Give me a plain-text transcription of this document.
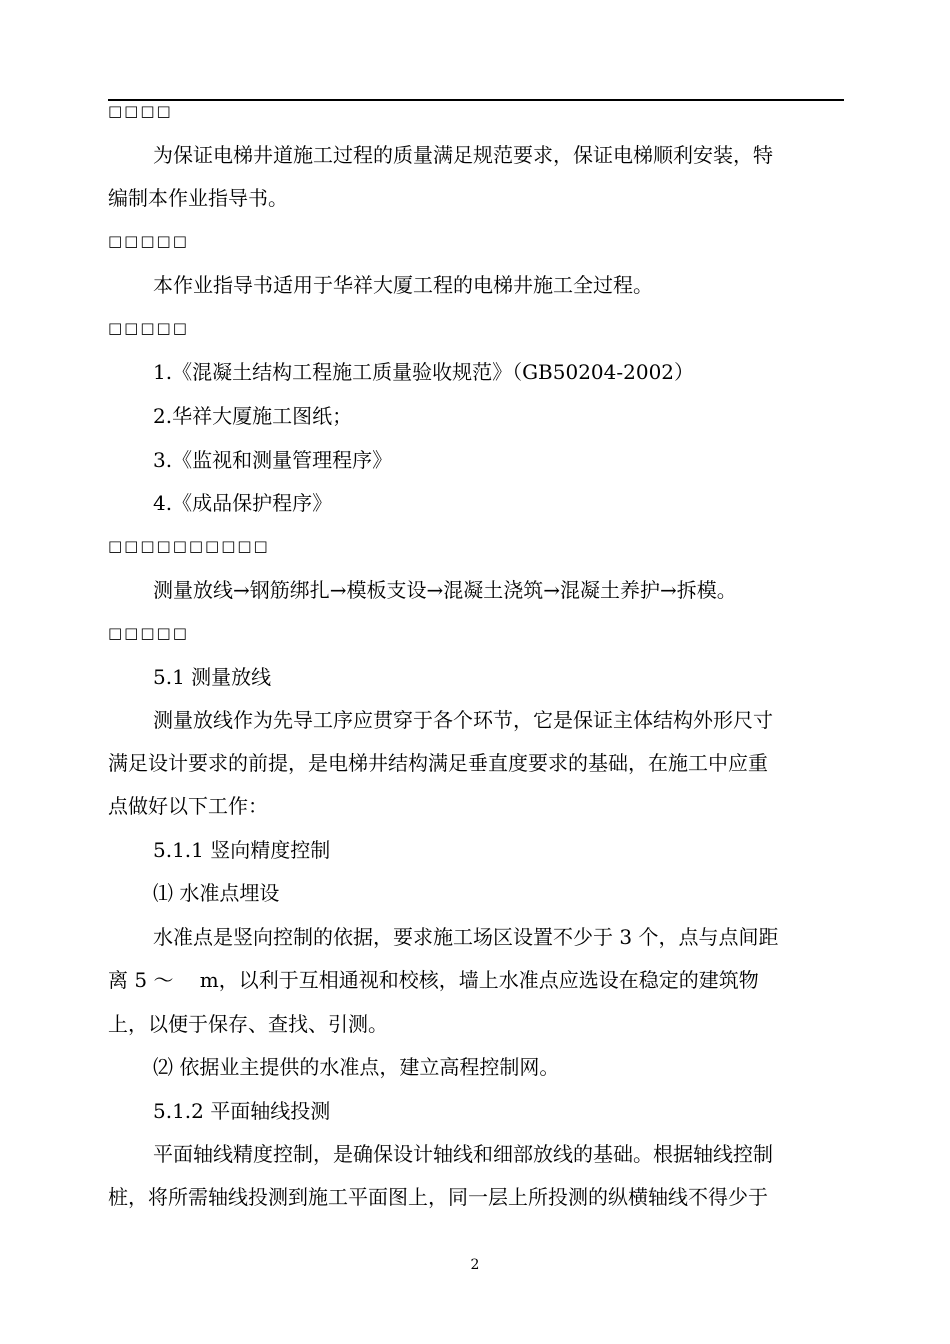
□□□□
为保证电梯井道施工过程的质量满足规范要求，保证电梯顺利安装，特
编制本作业指导书。
□□□□□
本作业指导书适用于华祥大厦工程的电梯井施工全过程。
□□□□□
1.《混凝土结构工程施工质量验收规范》（GB50204-2002）
2.华祥大厦施工图纸；
3.《监视和测量管理程序》
4.《成品保护程序》
□□□□□□□□□□
测量放线→钢筋绑扎→模板支设→混凝土浇筑→混凝土养护→拆模。
□□□□□
5.1 测量放线
测量放线作为先导工序应贯穿于各个环节，它是保证主体结构外形尺寸
满足设计要求的前提，是电梯井结构满足垂直度要求的基础，在施工中应重
点做好以下工作：
5.1.1 竖向精度控制
⑴ 水准点埋设
水准点是竖向控制的依据，要求施工场区设置不少于 3 个，点与点间距
离 5 ～　 m，以利于互相通视和校核，墙上水准点应选设在稳定的建筑物
上，以便于保存、查找、引测。
⑵ 依据业主提供的水准点，建立高程控制网。
5.1.2 平面轴线投测
平面轴线精度控制，是确保设计轴线和细部放线的基础。根据轴线控制
桩，将所需轴线投测到施工平面图上，同一层上所投测的纵横轴线不得少于
2
